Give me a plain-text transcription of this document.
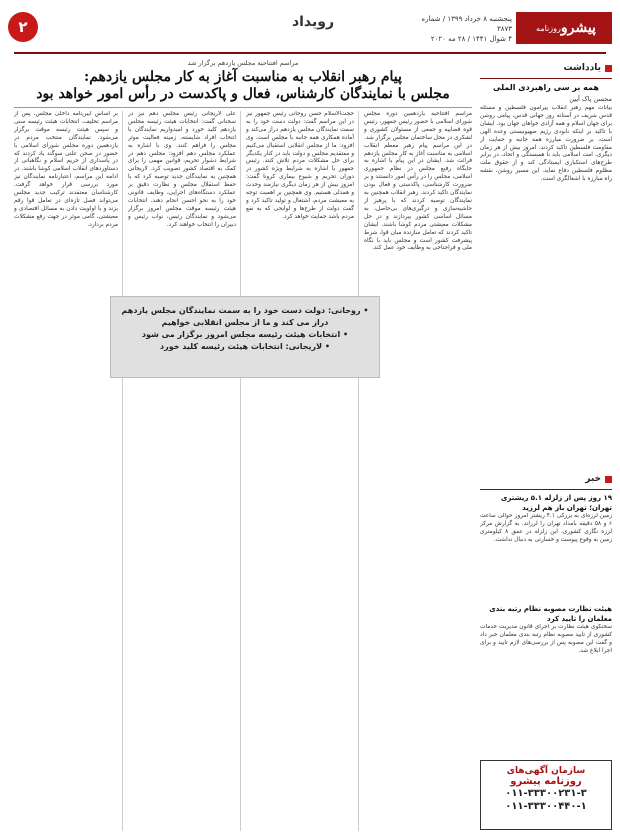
۲	رویداد	پنجشنبه ۸ خرداد ۱۳۹۹ / شماره ۳۸۷۳
۴ شوال ۱۴۴۱ / ۲۸ مه ۲۰۲۰
پیشرو
روزنامه
یادداشت
همه بر سی راهبردی الملی
محسن پاک آیین
بیانات مهم رهبر انقلاب پیرامون فلسطین و مسئله قدس شریف در آستانه روز جهانی قدس، پیامی روشن برای جهان اسلام و همه آزادی خواهان جهان بود. ایشان با تاکید بر اینکه نابودی رژیم صهیونیستی وعده الهی است، بر ضرورت مبارزه همه جانبه و حمایت از مقاومت فلسطین تاکید کردند. امروز بیش از هر زمان دیگری، امت اسلامی باید با همبستگی و اتحاد، در برابر طرح‌های استکباری ایستادگی کند و از حقوق ملت مظلوم فلسطین دفاع نماید. این مسیر روشن، نقشه راه مبارزه با اشغالگری است.
خبر
۱۹ روز پس از زلزله ۵.۱ ریشتری تهران؛ تهران باز هم لرزید
زمین لرزه‌ای به بزرگی ۴.۱ ریشتر امروز حوالی ساعت ۶ و ۵۸ دقیقه بامداد تهران را لرزاند. به گزارش مرکز لرزه نگاری کشوری، این زلزله در عمق ۸ کیلومتری زمین به وقوع پیوست و خسارتی به دنبال نداشت.
هیئت نظارت مصوبه نظام رتبه بندی معلمان را تایید کرد
سخنگوی هیئت نظارت بر اجرای قانون مدیریت خدمات کشوری از تایید مصوبه نظام رتبه بندی معلمان خبر داد و گفت این مصوبه پس از بررسی‌های لازم تایید و برای اجرا ابلاغ شد.
سازمان آگهی‌های
روزنامه پیشرو
۰۱۱-۳۳۳۰۰۲۳۱-۳
۰۱۱-۳۳۳۰۰۴۴۰-۱
مراسم افتتاحیه مجلس یازدهم برگزار شد
پیام رهبر انقلاب به مناسبت آغاز به کار مجلس یازدهم:
مجلس با نمایندگان کارشناس، فعال و پاکدست در رأس امور خواهد بود
مراسم افتتاحیه یازدهمین دوره مجلس شورای اسلامی با حضور رئیس جمهور، رئیس قوه قضاییه و جمعی از مسئولان کشوری و لشکری در محل ساختمان مجلس برگزار شد. در این مراسم پیام رهبر معظم انقلاب اسلامی به مناسبت آغاز به کار مجلس یازدهم قرائت شد. ایشان در این پیام با اشاره به جایگاه رفیع مجلس در نظام جمهوری اسلامی، مجلس را در رأس امور دانستند و بر ضرورت کارشناسی، پاکدستی و فعال بودن نمایندگان تاکید کردند. رهبر انقلاب همچنین به نمایندگان توصیه کردند که با پرهیز از حاشیه‌سازی و درگیری‌های بی‌حاصل، به مسائل اساسی کشور بپردازند و در حل مشکلات معیشتی مردم کوشا باشند. ایشان تاکید کردند که تعامل سازنده میان قوا، شرط پیشرفت کشور است و مجلس باید با نگاه ملی و فراجناحی به وظایف خود عمل کند.
حجت‌الاسلام حسن روحانی رئیس جمهور نیز در این مراسم گفت: دولت دست خود را به سمت نمایندگان مجلس یازدهم دراز می‌کند و آماده همکاری همه جانبه با مجلس است. وی افزود: ما از مجلس انقلابی استقبال می‌کنیم و معتقدیم مجلس و دولت باید در کنار یکدیگر برای حل مشکلات مردم تلاش کنند. رئیس جمهور با اشاره به شرایط ویژه کشور در دوران تحریم و شیوع بیماری کرونا گفت: امروز بیش از هر زمان دیگری نیازمند وحدت و همدلی هستیم. وی همچنین بر اهمیت توجه به معیشت مردم، اشتغال و تولید تاکید کرد و گفت دولت از طرح‌ها و لوایحی که به نفع مردم باشد حمایت خواهد کرد.
علی لاریجانی رئیس مجلس دهم نیز در سخنانی گفت: انتخابات هیئت رئیسه مجلس یازدهم کلید خورد و امیدواریم نمایندگان با انتخاب افراد شایسته، زمینه فعالیت موثر مجلس را فراهم کنند. وی با اشاره به عملکرد مجلس دهم افزود: مجلس دهم در شرایط دشوار تحریم، قوانین مهمی را برای کمک به اقتصاد کشور تصویب کرد. لاریجانی همچنین به نمایندگان جدید توصیه کرد که با حفظ استقلال مجلس و نظارت دقیق بر عملکرد دستگاه‌های اجرایی، وظایف قانونی خود را به نحو احسن انجام دهند. انتخابات هیئت رئیسه موقت مجلس امروز برگزار می‌شود و نمایندگان رئیس، نواب رئیس و دبیران را انتخاب خواهند کرد.
بر اساس آیین‌نامه داخلی مجلس، پس از مراسم تحلیف، انتخابات هیئت رئیسه سنی و سپس هیئت رئیسه موقت برگزار می‌شود. نمایندگان منتخب مردم در یازدهمین دوره مجلس شورای اسلامی با حضور در صحن علنی سوگند یاد کردند که در پاسداری از حریم اسلام و نگاهبانی از دستاوردهای انقلاب اسلامی کوشا باشند. در ادامه این مراسم، اعتبارنامه نمایندگان نیز مورد بررسی قرار خواهد گرفت. کارشناسان معتقدند ترکیب جدید مجلس می‌تواند فصل تازه‌ای در تعامل قوا رقم بزند و با اولویت دادن به مسائل اقتصادی و معیشتی، گامی موثر در جهت رفع مشکلات مردم بردارد.
• روحانی: دولت دست خود را به سمت نمایندگان مجلس یازدهم
دراز می کند و ما از مجلس انقلابی خواهیم
• انتخابات هیئت رئیسه مجلس امروز برگزار می شود
• لاریجانی: انتخابات هیئت رئیسه کلید خورد
